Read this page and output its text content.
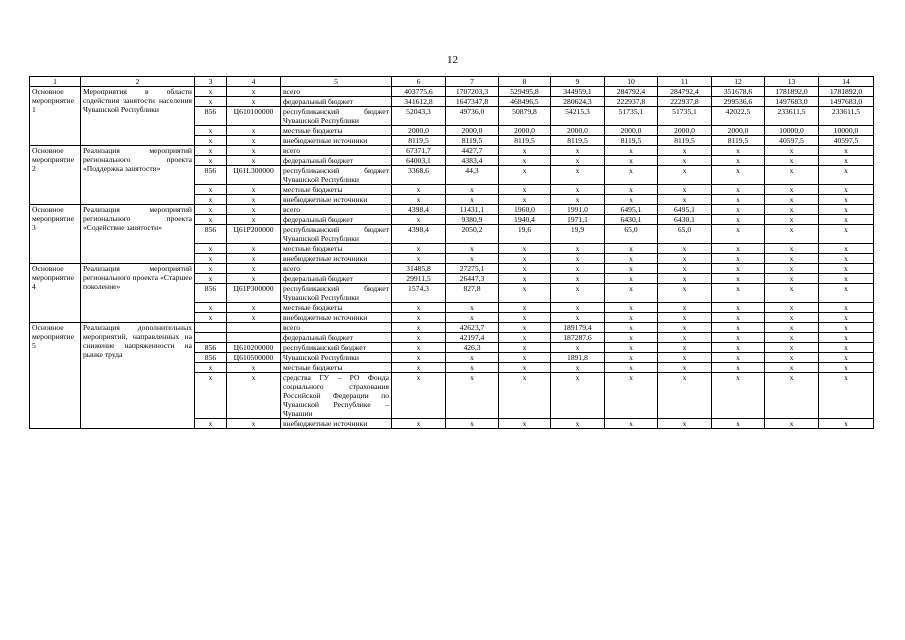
12
1	2	3	4	5	6	7	8	9	10	11	12	13	14
Основное мероприятие 1	Мероприятия в области содействия занятости населения Чувашской Республики	x	x	всего	403775,6	1707203,3	529495,8	344959,1	284792,4	284792,4	351678,6	1781892,0	1781892,0
		x	x	федеральный бюджет	341612,8	1647347,8	468496,5	280624,3	222937,8	222937,8	299536,6	1497683,0	1497683,0
		856	Ц610100000	республиканский бюджет Чувашской Республики	52043,3	49736,0	50879,8	54215,3	51735,1	51735,1	42022,5	233611,5	233611,5
		x	x	местные бюджеты	2000,0	2000,0	2000,0	2000,0	2000,0	2000,0	2000,0	10000,0	10000,0
		x	x	внебюджетные источники	8119,5	8119,5	8119,5	8119,5	8119,5	8119,5	8119,5	40597,5	40597,5
Основное мероприятие 2	Реализация мероприятий регионального проекта «Поддержка занятости»	x	x	всего	67371,7	4427,7	x	x	x	x	x	x	x
		x	x	федеральный бюджет	64003,1	4383,4	x	x	x	x	x	x	x
		856	Ц61L300000	республиканский бюджет Чувашской Республики	3368,6	44,3	x	x	x	x	x	x	x
		x	x	местные бюджеты	x	x	x	x	x	x	x	x	x
		x	x	внебюджетные источники	x	x	x	x	x	x	x	x	x
Основное мероприятие 3	Реализация мероприятий регионального проекта «Содействие занятости»	x	x	всего	4398,4	11431,1	1960,0	1991,0	6495,1	6495,1	x	x	x
		x	x	федеральный бюджет	x	9380,9	1940,4	1971,1	6430,1	6430,1	x	x	x
		856	Ц61P200000	республиканский бюджет Чувашской Республики	4398,4	2050,2	19,6	19,9	65,0	65,0	x	x	x
		x	x	местные бюджеты	x	x	x	x	x	x	x	x	x
		x	x	внебюджетные источники	x	x	x	x	x	x	x	x	x
Основное мероприятие 4	Реализация мероприятий регионального проекта «Старшее поколение»	x	x	всего	31485,8	27275,1	x	x	x	x	x	x	x
		x	x	федеральный бюджет	29911,5	26447,3	x	x	x	x	x	x	x
		856	Ц61P300000	республиканский бюджет Чувашской Республики	1574,3	827,8	x	x	x	x	x	x	x
		x	x	местные бюджеты	x	x	x	x	x	x	x	x	x
		x	x	внебюджетные источники	x	x	x	x	x	x	x	x	x
Основное мероприятие 5	Реализация дополнительных мероприятий, направленных на снижение напряженности на рынке труда			всего	x	42623,7	x	189179,4	x	x	x	x	x
				федеральный бюджет	x	42197,4	x	187287,6	x	x	x	x	x
		856	Ц610200000	республиканский бюджет	x	426,3	x	x	x	x	x	x	x
		856	Ц610500000	Чувашской Республики	x	x	x	1891,8	x	x	x	x	x
		x	x	местные бюджеты	x	x	x	x	x	x	x	x	x
		x	x	средства ГУ – РО Фонда социального страхования Российской Федерации по Чувашской Республике – Чувашии	x	x	x	x	x	x	x	x	x
		x	x	внебюджетные источники	x	x	x	x	x	x	x	x	x
